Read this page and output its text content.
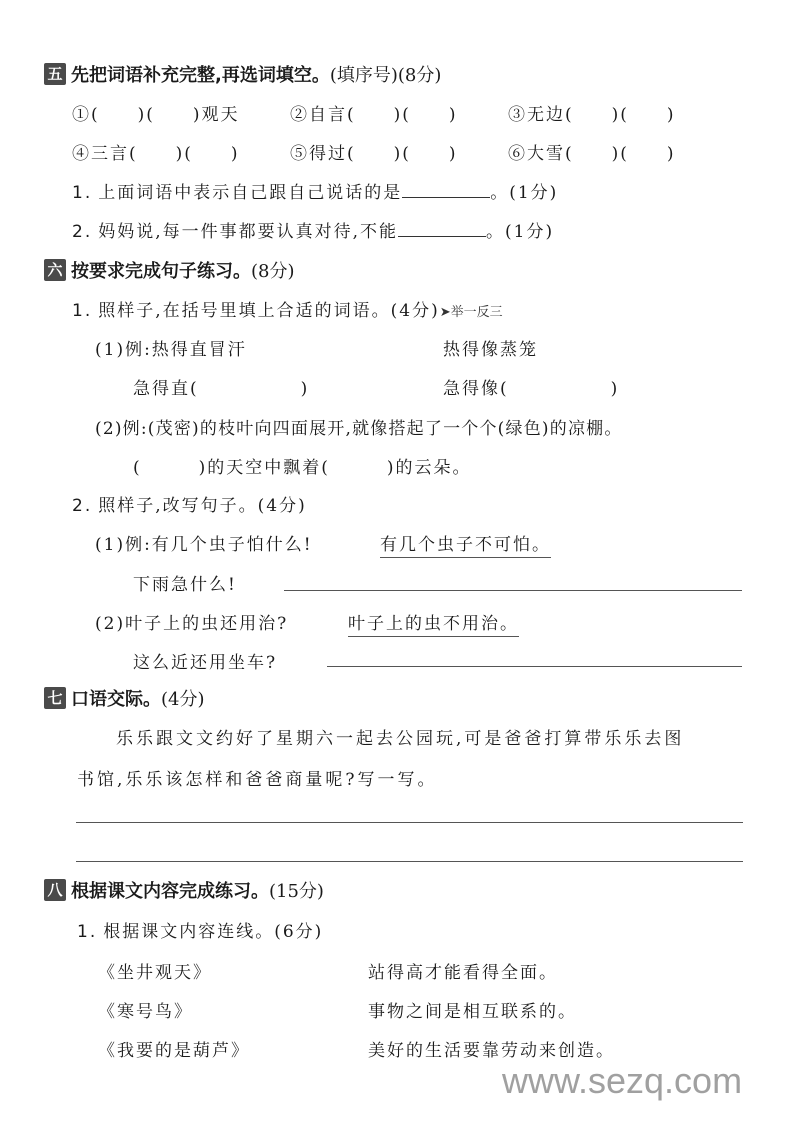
五 先把词语补充完整,再选词填空。 (填序号)(8分)
①(　　)(　　)观天	②自言(　　)(　　)	③无边(　　)(　　)
④三言(　　)(　　)	⑤得过(　　)(　　)	⑥大雪(　　)(　　)
1. 上面词语中表示自己跟自己说话的是	。(1分)
2. 妈妈说,每一件事都要认真对待,不能	。(1分)
六 按要求完成句子练习。 (8分)
1. 照样子,在括号里填上合适的词语。(4分)➤举一反三
(1)例:热得直冒汗	热得像蒸笼
急得直(	)	急得像(	)
(2)例:(茂密)的枝叶向四面展开,就像搭起了一个个(绿色)的凉棚。
(　　　)的天空中飘着(　　　)的云朵。
2. 照样子,改写句子。(4分)
(1)例:有几个虫子怕什么!	有几个虫子不可怕。
下雨急什么!
(2)叶子上的虫还用治?	叶子上的虫不用治。
这么近还用坐车?
七 口语交际。 (4分)
乐乐跟文文约好了星期六一起去公园玩,可是爸爸打算带乐乐去图
书馆,乐乐该怎样和爸爸商量呢?写一写。
八 根据课文内容完成练习。 (15分)
1. 根据课文内容连线。(6分)
《坐井观天》
《寒号鸟》
《我要的是葫芦》
站得高才能看得全面。
事物之间是相互联系的。
美好的生活要靠劳动来创造。
www.sezq.com
